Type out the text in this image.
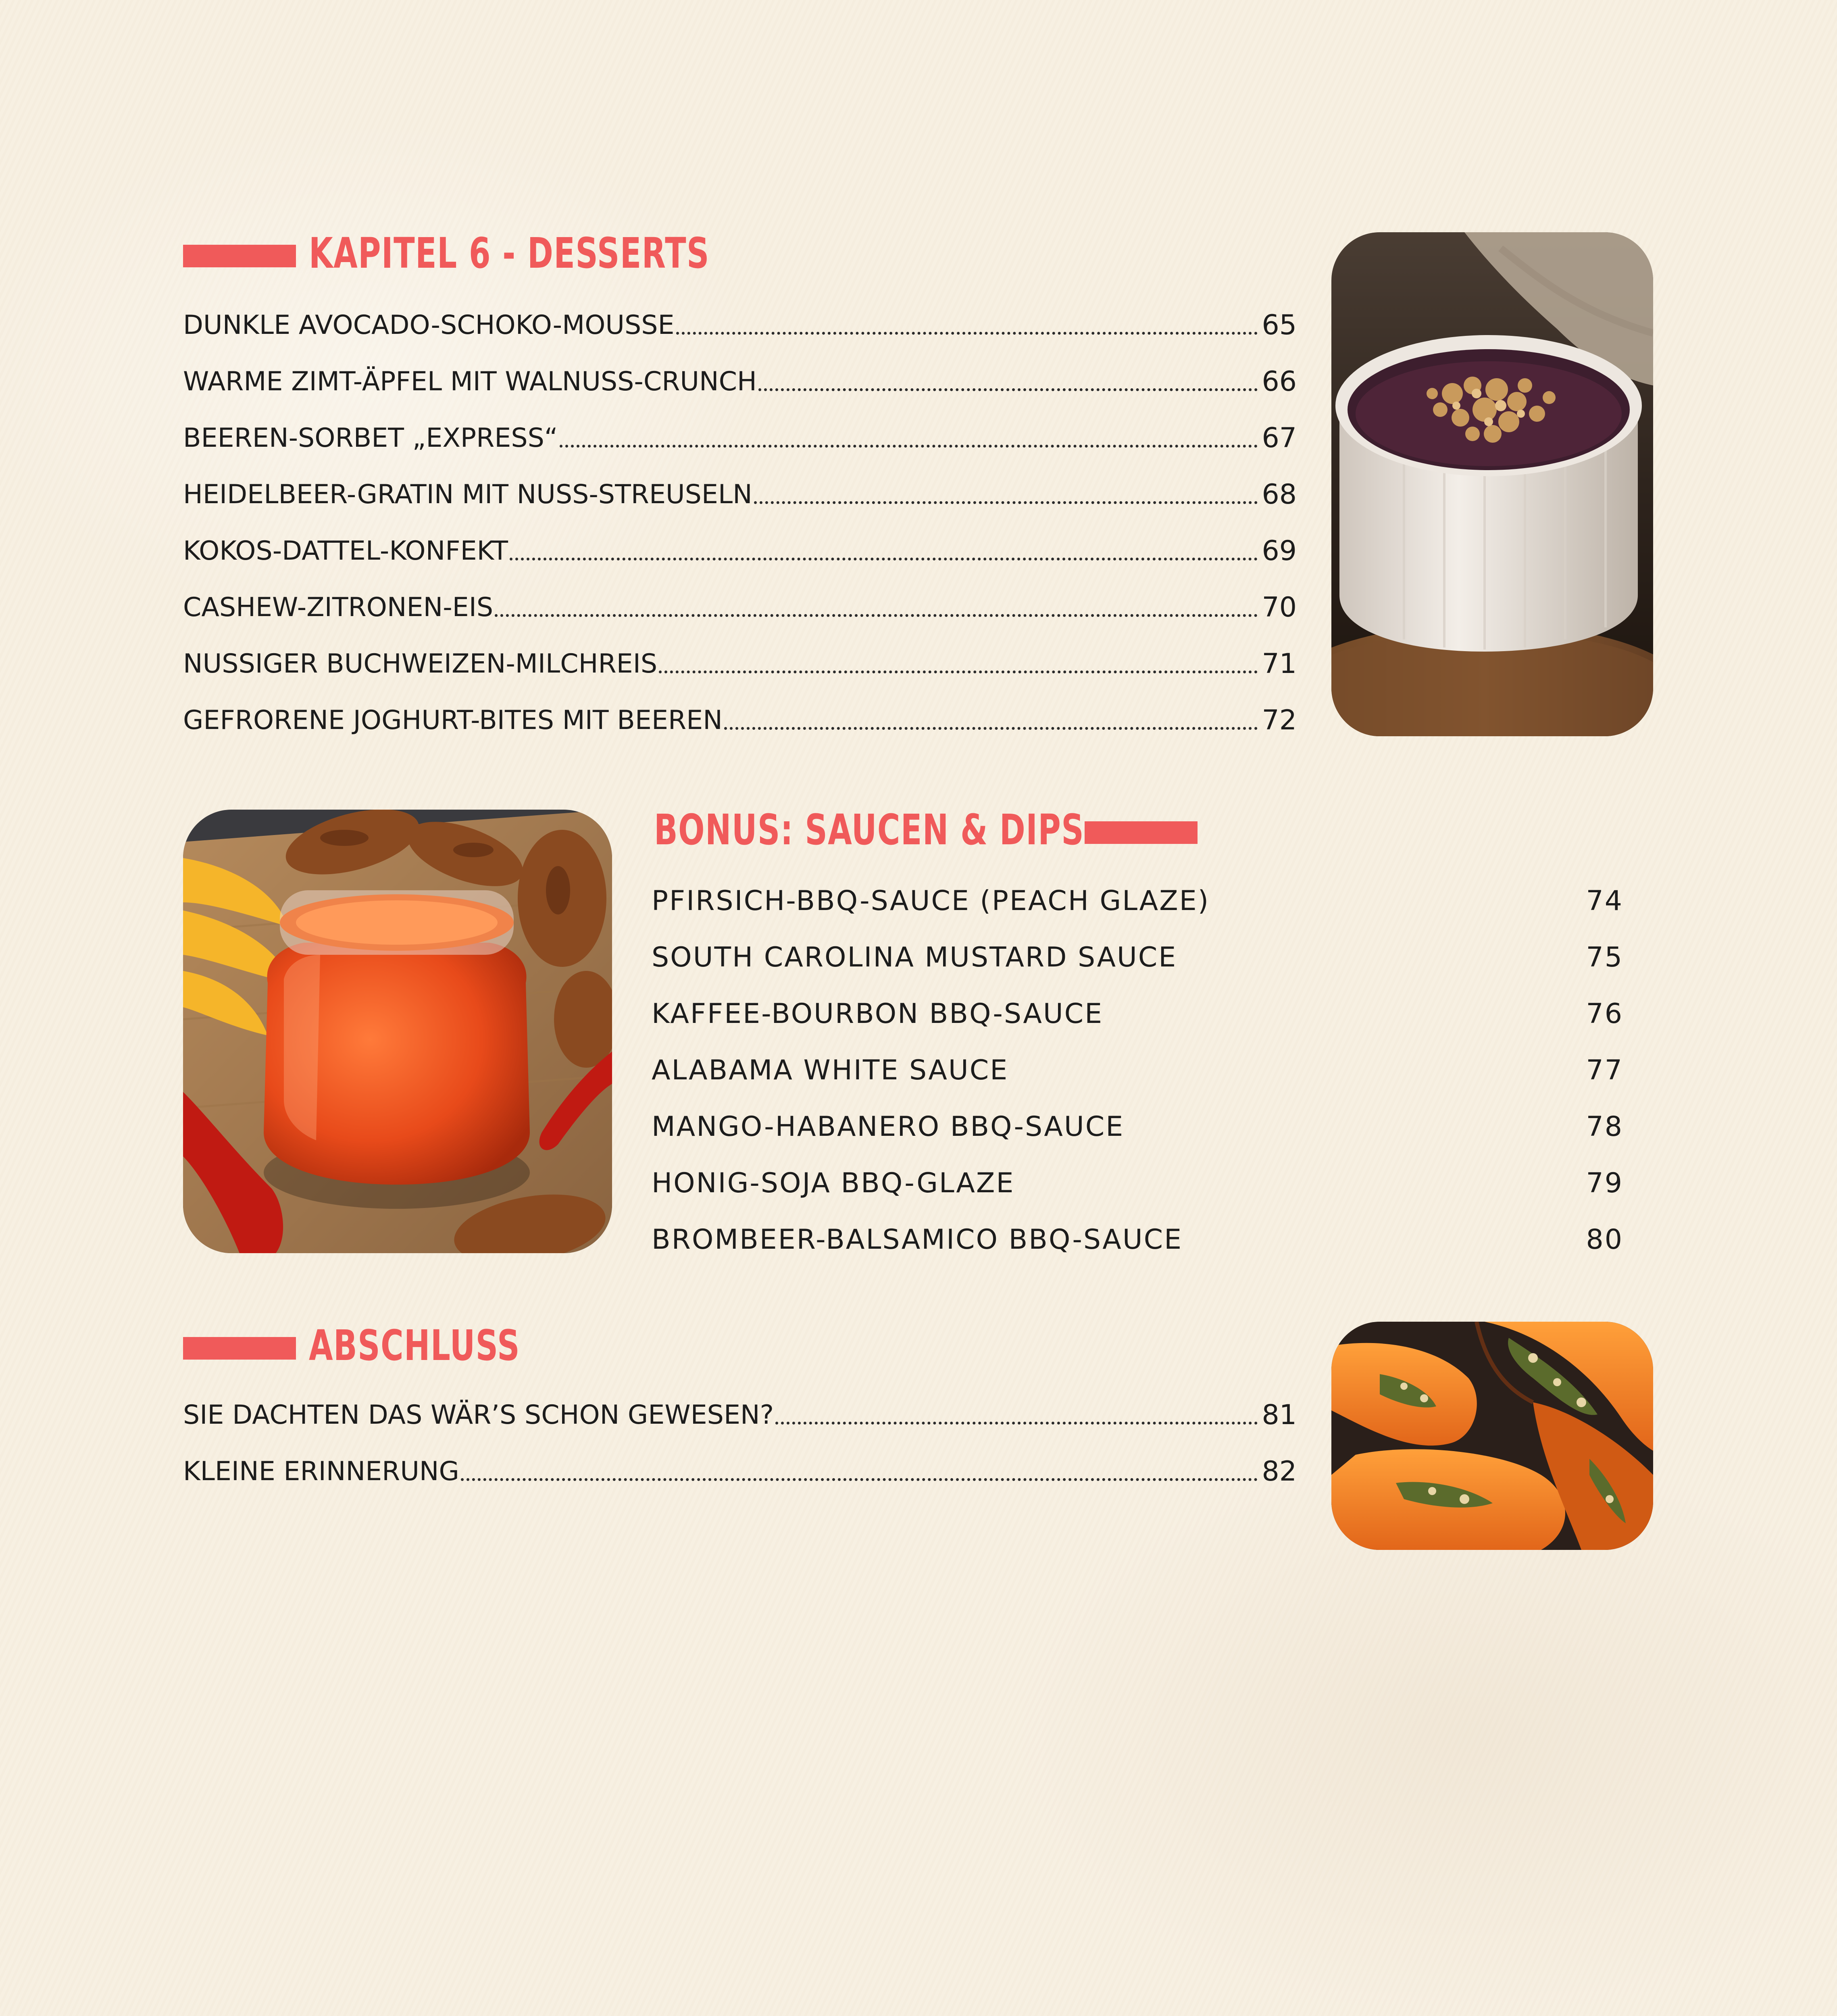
KAPITEL 6 - DESSERTS
DUNKLE AVOCADO-SCHOKO-MOUSSE	65
WARME ZIMT-ÄPFEL MIT WALNUSS-CRUNCH	66
BEEREN-SORBET „EXPRESS“	67
HEIDELBEER-GRATIN MIT NUSS-STREUSELN	68
KOKOS-DATTEL-KONFEKT	69
CASHEW-ZITRONEN-EIS	70
NUSSIGER BUCHWEIZEN-MILCHREIS	71
GEFRORENE JOGHURT-BITES MIT BEEREN	72
BONUS: SAUCEN & DIPS
PFIRSICH-BBQ-SAUCE (PEACH GLAZE)	74
SOUTH CAROLINA MUSTARD SAUCE	75
KAFFEE-BOURBON BBQ-SAUCE	76
ALABAMA WHITE SAUCE	77
MANGO-HABANERO BBQ-SAUCE	78
HONIG-SOJA BBQ-GLAZE	79
BROMBEER-BALSAMICO BBQ-SAUCE	80
ABSCHLUSS
SIE DACHTEN DAS WÄR’S SCHON GEWESEN?	81
KLEINE ERINNERUNG	82
